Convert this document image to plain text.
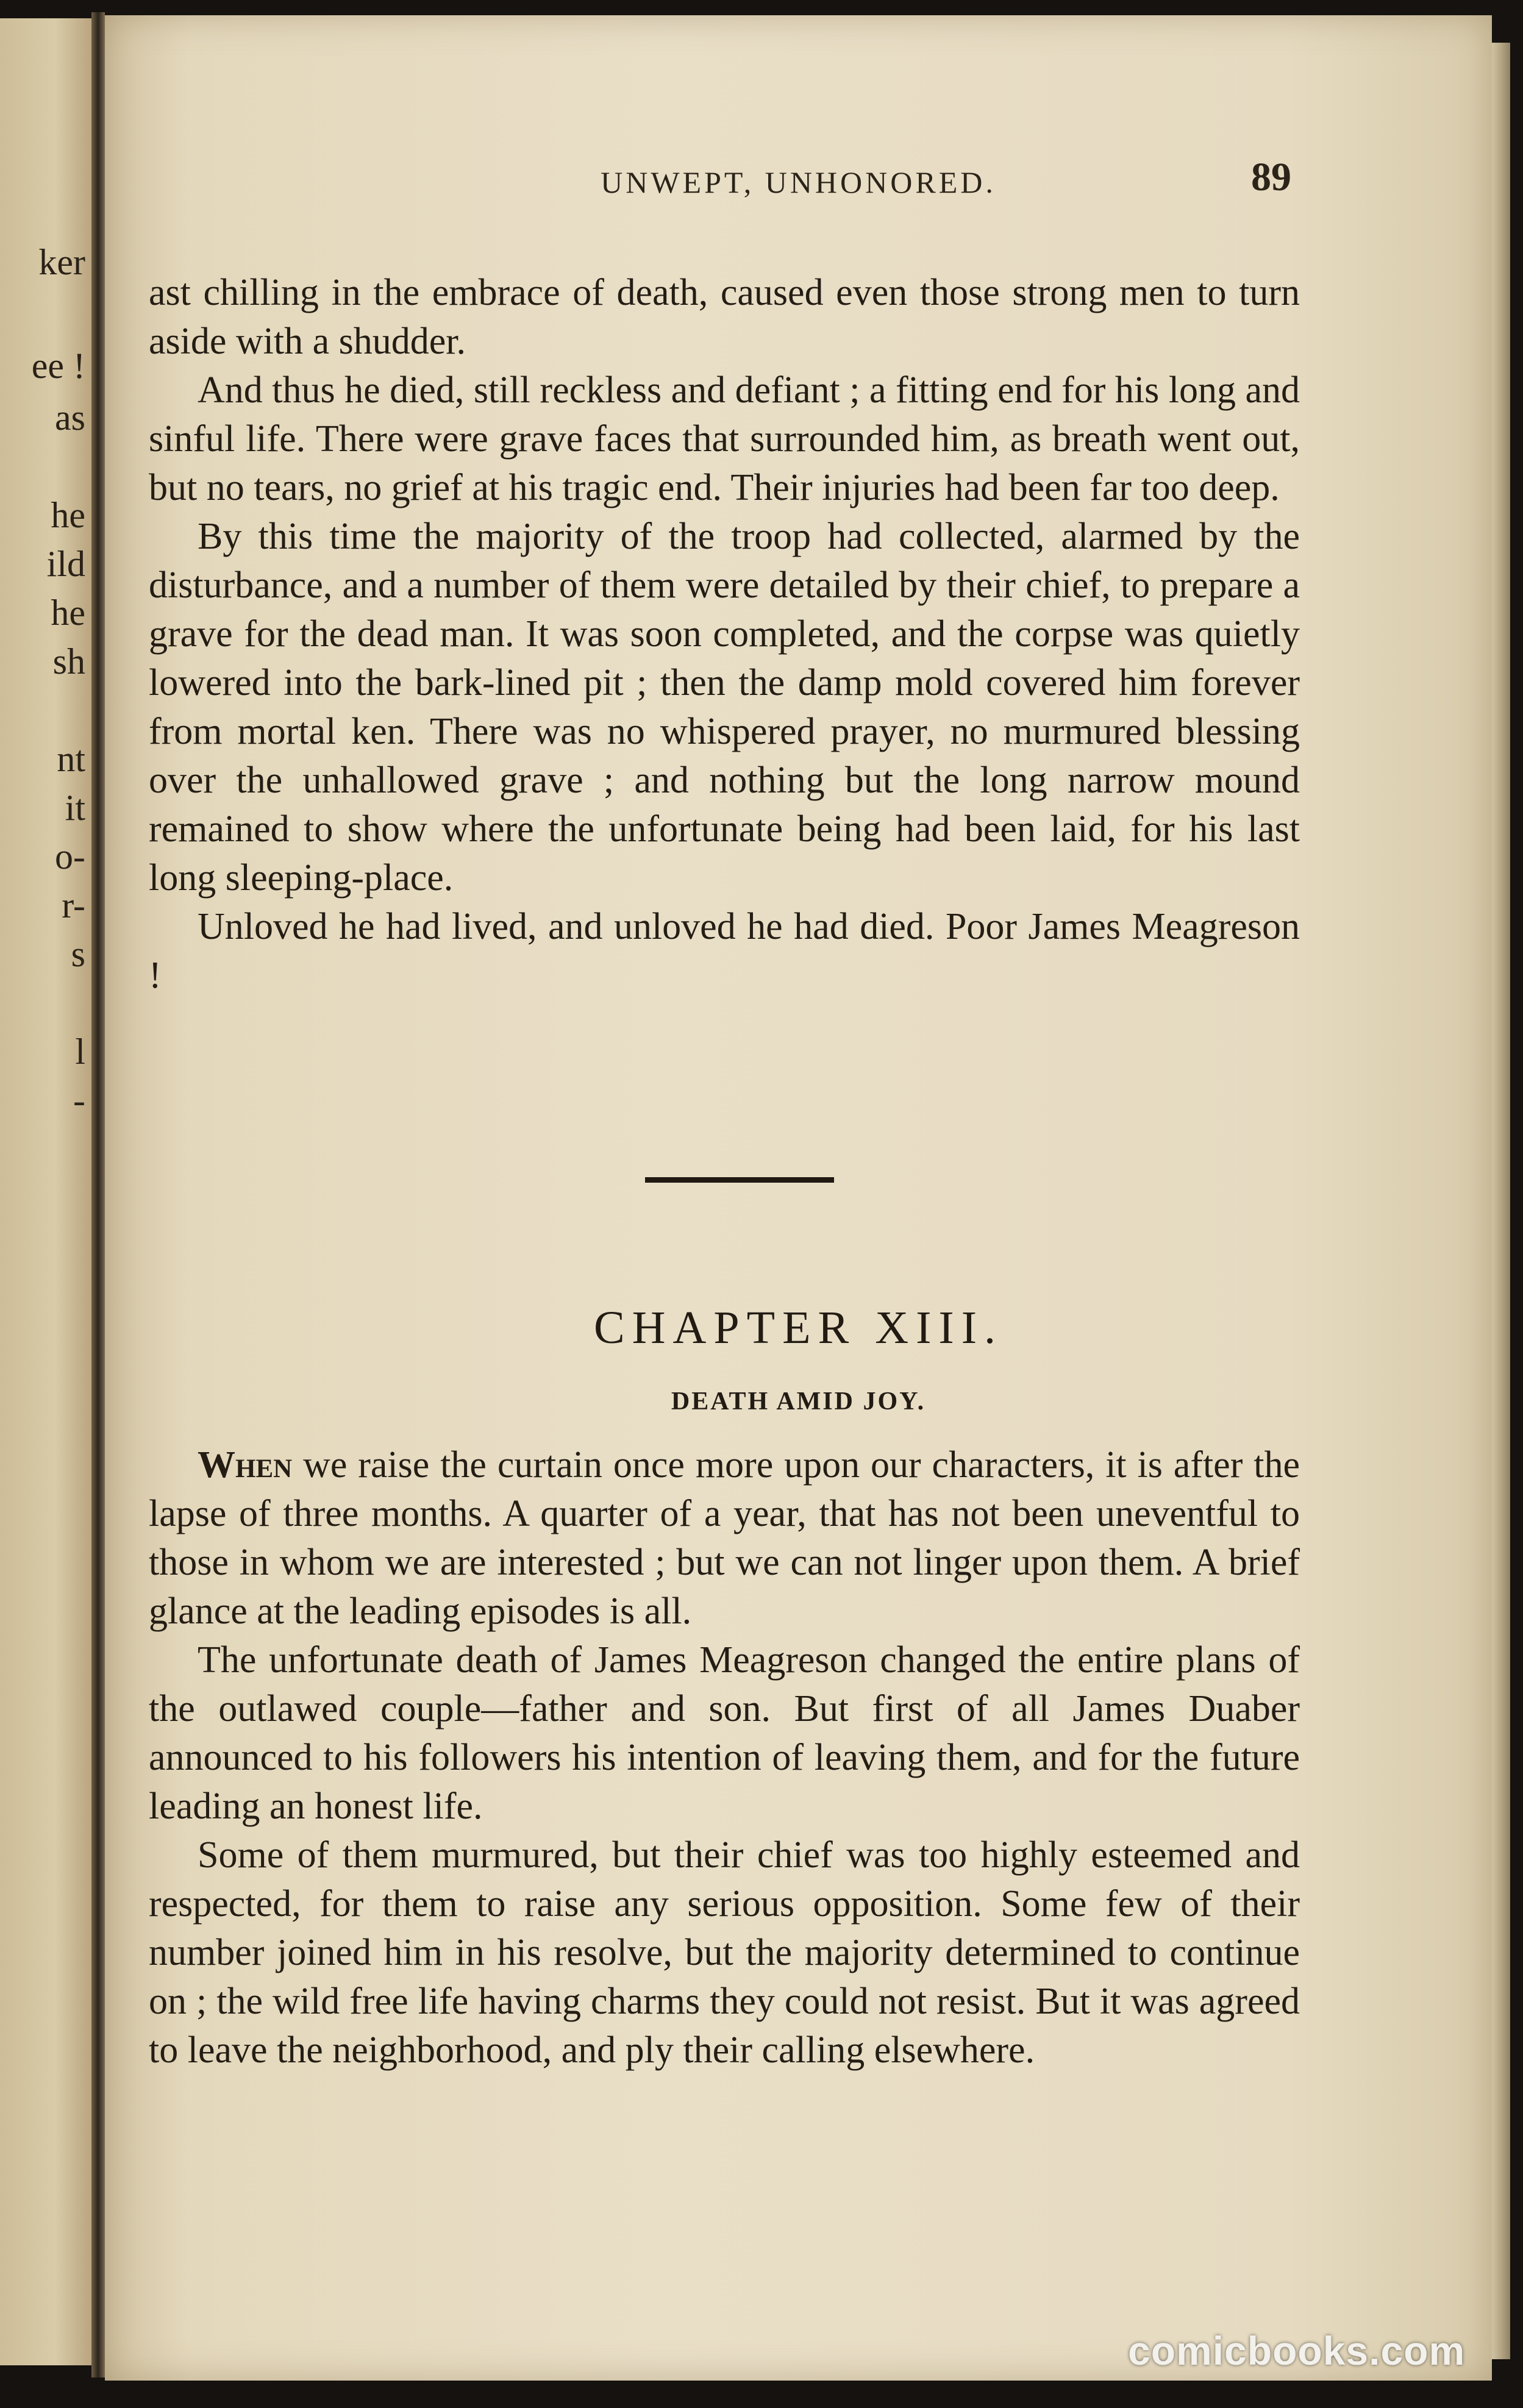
ker
ee !
as
he
ild
he
sh
nt
it
o-
r-
s
l
-
UNWEPT, UNHONORED.	89

ast chilling in the embrace of death, caused even those strong men to turn aside with a shudder.

And thus he died, still reckless and defiant ; a fitting end for his long and sinful life. There were grave faces that surrounded him, as breath went out, but no tears, no grief at his tragic end. Their injuries had been far too deep.

By this time the majority of the troop had collected, alarmed by the disturbance, and a number of them were detailed by their chief, to prepare a grave for the dead man. It was soon completed, and the corpse was quietly lowered into the bark-lined pit ; then the damp mold covered him forever from mortal ken. There was no whispered prayer, no murmured blessing over the unhallowed grave ; and nothing but the long narrow mound remained to show where the unfortunate being had been laid, for his last long sleeping-place.

Unloved he had lived, and unloved he had died. Poor James Meagreson !

CHAPTER XIII.
DEATH AMID JOY.

When we raise the curtain once more upon our characters, it is after the lapse of three months. A quarter of a year, that has not been uneventful to those in whom we are interested ; but we can not linger upon them. A brief glance at the leading episodes is all.

The unfortunate death of James Meagreson changed the entire plans of the outlawed couple—father and son. But first of all James Duaber announced to his followers his intention of leaving them, and for the future leading an honest life.

Some of them murmured, but their chief was too highly esteemed and respected, for them to raise any serious opposition. Some few of their number joined him in his resolve, but the majority determined to continue on ; the wild free life having charms they could not resist. But it was agreed to leave the neighborhood, and ply their calling elsewhere.

comicbooks.com
